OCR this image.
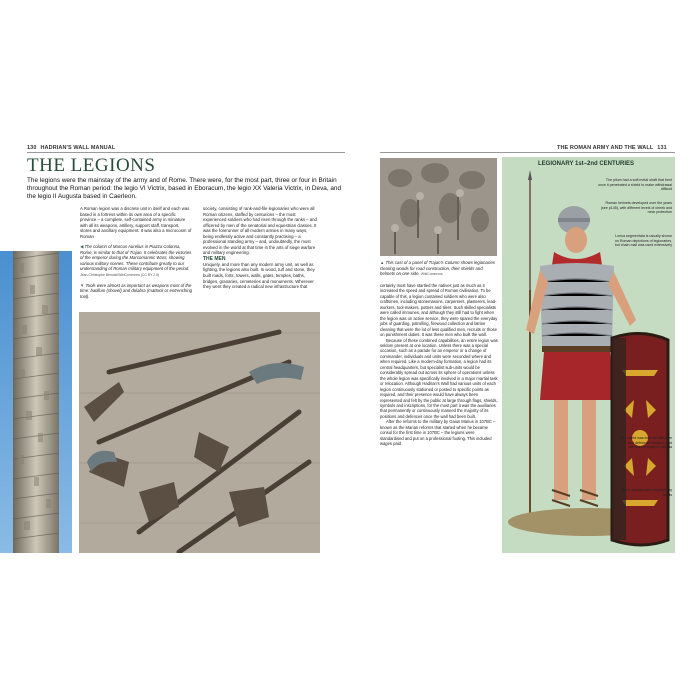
130 HADRIAN'S WALL MANUAL
THE LEGIONS
The legions were the mainstay of the army and of Rome. There were, for the most part, three or four in Britain throughout the Roman period: the legio VI Victrix, based in Eboracum, the legio XX Valeria Victrix, in Deva, and the legio II Augusta based in Caerleon.

A Roman legion was a discrete unit in itself and each was based in a fortress within its own area of a specific province – a complete, self-contained army in miniature with all its weapons, artillery, support staff, transport, stores and ancillary equipment. It was also a microcosm of Roman

◀ The column of Marcus Aurelius in Piazza Colonna, Rome, is similar to that of Trajan. It celebrates the victories of the emperor during the Marcomannic Wars, showing various military scenes. These contribute greatly to our understanding of Roman military equipment of the period. Jean-Christophe Benoist/WikiCommons (CC BY 2.5)

▼ Tools were almost as important as weapons most of the time: batillum (shovel) and dolabra (mattock or entrenching tool).

society, consisting of rank-and-file legionaries who were all Roman citizens, staffed by centurions – the most experienced soldiers who had risen through the ranks – and officered by men of the senatorial and equestrian classes. It was the forerunner of all modern armies in many ways, being endlessly active and constantly practising – a professional standing army – and, undoubtedly, the most evolved in the world at that time in the arts of siege warfare and military engineering.

THE MEN

Uniquely, and more than any modern army unit, as well as fighting, the legions also built. In wood, turf and stone, they built roads, forts, towers, walls, gates, temples, baths, bridges, granaries, cemeteries and monuments. Wherever they went they created a radical new infrastructure that

THE ROMAN ARMY AND THE WALL 131
▲ This cast of a panel of Trajan's Column shows legionaries clearing woods for road construction, their shields and helmets on one side. WikiCommons

certainly must have startled the natives just as much as it increased the speed and spread of Roman civilisation. To be capable of this, a legion contained soldiers who were also craftsmen, including stonemasons, carpenters, plasterers, lead-workers, tool-makers, potters and tilers. Such skilled specialists were called immunes, and although they still had to fight when the legion was on active service, they were spared the everyday jobs of guarding, patrolling, firewood collection and latrine cleaning that were the lot of less qualified men, recruits or those on punishment duties. It was these men who built the wall.

Because of these combined capabilities, an entire legion was seldom present at one location. Unless there was a special occasion, such as a parade for an emperor or a change of commander, individuals and units were seconded where and when required. Like a modern-day formation, a legion had its central headquarters, but specialist sub-units would be considerably spread out across its sphere of operations unless the whole legion was specifically involved in a major martial task or relocation. Although Hadrian's Wall had various units of each legion continuously stationed or posted to specific points as required, and their presence would have always been represented and felt by the public at large through flags, shields, symbols and inscriptions, for the most part it was the auxiliaries that permanently or continuously manned the majority of its positions and defences once the wall had been built.

After the reforms to the military by Gaius Marius in 107BC – known as the Marian reforms that started when he became consul for the first time in 107BC – the legions were standardised and put on a professional footing. This included wages paid

LEGIONARY 1st–2nd CENTURIES
The pilum had a soft metal shaft that bent once it penetrated a shield to make withdrawal difficult
Roman helmets developed over the years (see p145), with different levels of cheek and neck protection
Lorica segmentata is usually shown on Roman depictions of legionaries, but chain mail was used extensively
The shield was both an offensive and defensive weapon, and carried the legion's insignia
Open sandals were replaced by boots
